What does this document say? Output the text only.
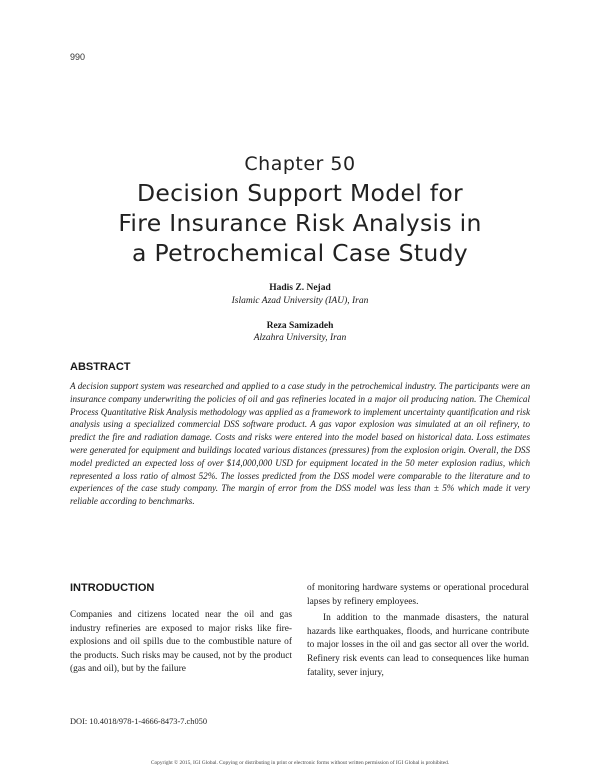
990
Chapter 50
Decision Support Model for
Fire Insurance Risk Analysis in
a Petrochemical Case Study
Hadis Z. Nejad
Islamic Azad University (IAU), Iran
Reza Samizadeh
Alzahra University, Iran
ABSTRACT
A decision support system was researched and applied to a case study in the petrochemical industry. The participants were an insurance company underwriting the policies of oil and gas refineries located in a major oil producing nation. The Chemical Process Quantitative Risk Analysis methodology was applied as a framework to implement uncertainty quantification and risk analysis using a specialized commercial DSS software product. A gas vapor explosion was simulated at an oil refinery, to predict the fire and radiation damage. Costs and risks were entered into the model based on historical data. Loss estimates were generated for equipment and buildings located various distances (pressures) from the explosion origin. Overall, the DSS model predicted an expected loss of over $14,000,000 USD for equipment located in the 50 meter explosion radius, which represented a loss ratio of almost 52%. The losses predicted from the DSS model were comparable to the literature and to experiences of the case study company. The margin of error from the DSS model was less than ± 5% which made it very reliable according to benchmarks.
INTRODUCTION

Companies and citizens located near the oil and gas industry refineries are exposed to major risks like fire-explosions and oil spills due to the combustible nature of the products. Such risks may be caused, not by the product (gas and oil), but by the failure

of monitoring hardware systems or operational procedural lapses by refinery employees.

In addition to the manmade disasters, the natural hazards like earthquakes, floods, and hurricane contribute to major losses in the oil and gas sector all over the world. Refinery risk events can lead to consequences like human fatality, sever injury,

DOI: 10.4018/978-1-4666-8473-7.ch050
Copyright © 2015, IGI Global. Copying or distributing in print or electronic forms without written permission of IGI Global is prohibited.
